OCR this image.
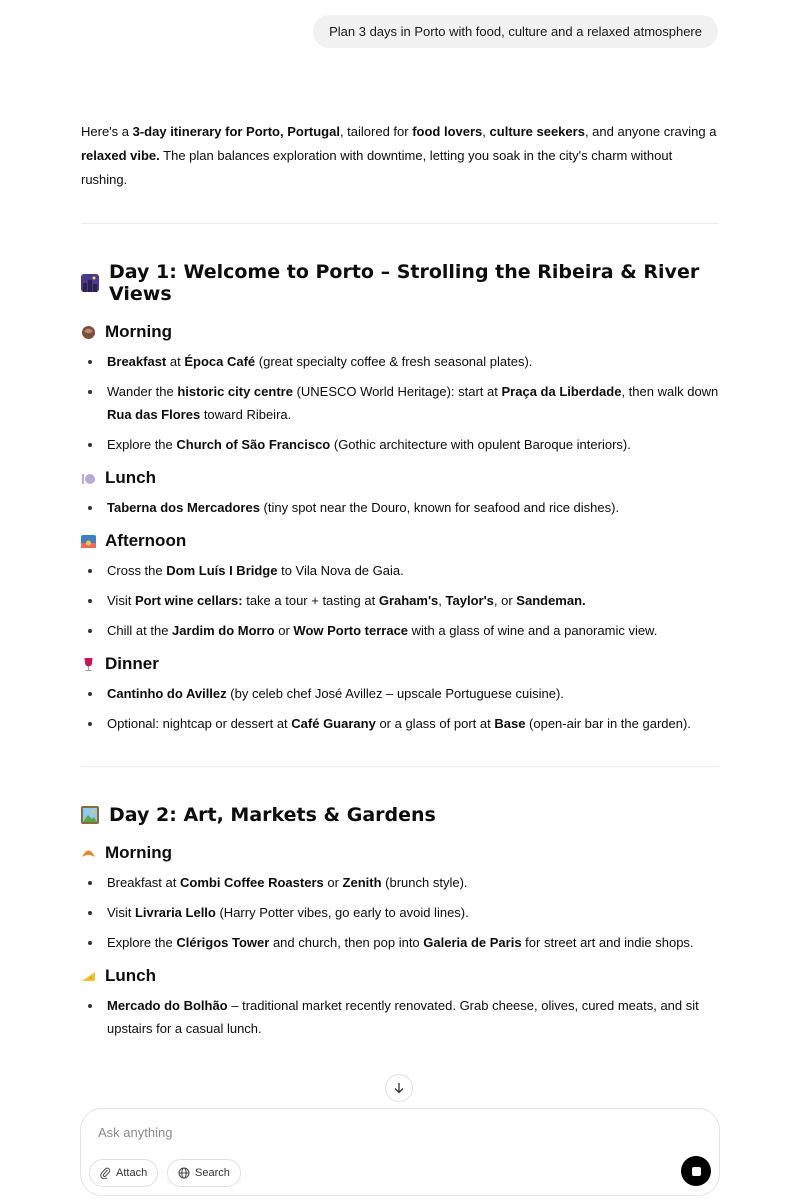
Plan 3 days in Porto with food, culture and a relaxed atmosphere

Here's a 3-day itinerary for Porto, Portugal, tailored for food lovers, culture seekers, and anyone craving a relaxed vibe. The plan balances exploration with downtime, letting you soak in the city's charm without rushing.

Day 1: Welcome to Porto – Strolling the Ribeira & River Views
Morning
Breakfast at Época Café (great specialty coffee & fresh seasonal plates).
Wander the historic city centre (UNESCO World Heritage): start at Praça da Liberdade, then walk down Rua das Flores toward Ribeira.
Explore the Church of São Francisco (Gothic architecture with opulent Baroque interiors).
Lunch
Taberna dos Mercadores (tiny spot near the Douro, known for seafood and rice dishes).
Afternoon
Cross the Dom Luís I Bridge to Vila Nova de Gaia.
Visit Port wine cellars: take a tour + tasting at Graham's, Taylor's, or Sandeman.
Chill at the Jardim do Morro or Wow Porto terrace with a glass of wine and a panoramic view.
Dinner
Cantinho do Avillez (by celeb chef José Avillez – upscale Portuguese cuisine).
Optional: nightcap or dessert at Café Guarany or a glass of port at Base (open-air bar in the garden).
Day 2: Art, Markets & Gardens
Morning
Breakfast at Combi Coffee Roasters or Zenith (brunch style).
Visit Livraria Lello (Harry Potter vibes, go early to avoid lines).
Explore the Clérigos Tower and church, then pop into Galeria de Paris for street art and indie shops.
Lunch
Mercado do Bolhão – traditional market recently renovated. Grab cheese, olives, cured meats, and sit upstairs for a casual lunch.
Ask anything
Attach	Search
